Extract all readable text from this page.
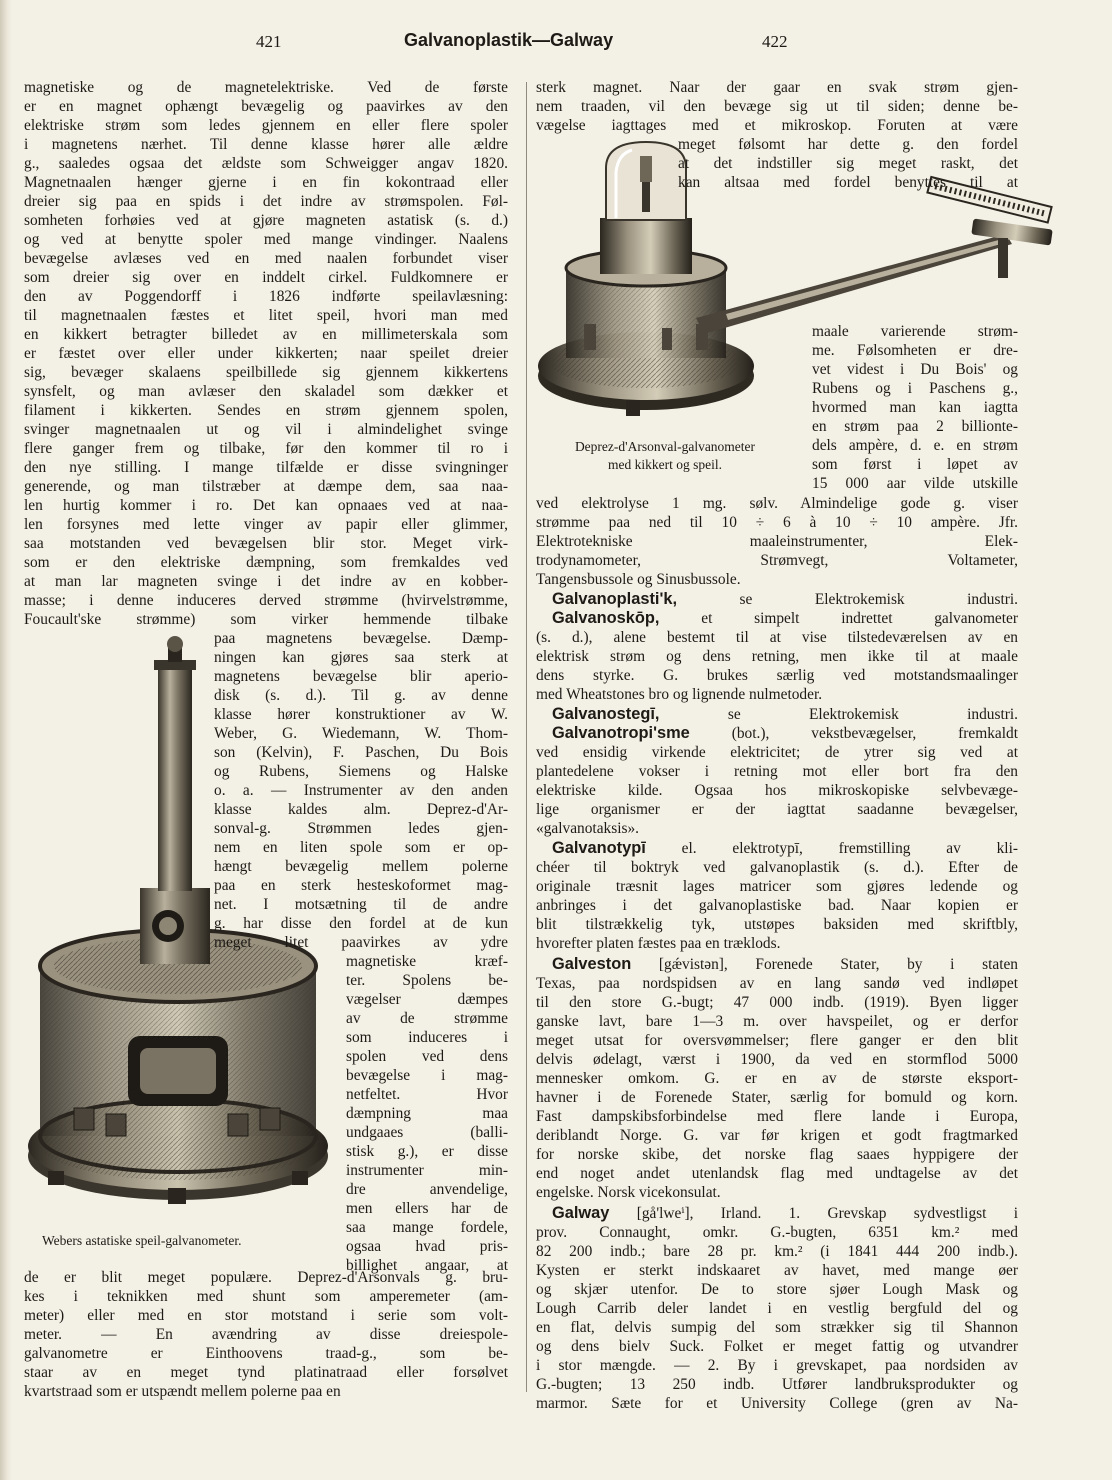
421	Galvanoplastik—Galway	422
Webers astatiske speil-galvanometer.
Deprez-d'Arsonval-galvanometer
med kikkert og speil.
magnetiske og de magnetelektriske. Ved de første
er en magnet ophængt bevægelig og paavirkes av den
elektriske strøm som ledes gjennem en eller flere spoler
i magnetens nærhet. Til denne klasse hører alle ældre
g., saaledes ogsaa det ældste som Schweigger angav 1820.
Magnetnaalen hænger gjerne i en fin kokontraad eller
dreier sig paa en spids i det indre av strømspolen. Føl-
somheten forhøies ved at gjøre magneten astatisk (s. d.)
og ved at benytte spoler med mange vindinger. Naalens
bevægelse avlæses ved en med naalen forbundet viser
som dreier sig over en inddelt cirkel. Fuldkomnere er
den av Poggendorff i 1826 indførte speilavlæsning:
til magnetnaalen fæstes et litet speil, hvori man med
en kikkert betragter billedet av en millimeterskala som
er fæstet over eller under kikkerten; naar speilet dreier
sig, bevæger skalaens speilbillede sig gjennem kikkertens
synsfelt, og man avlæser den skaladel som dækker et
filament i kikkerten. Sendes en strøm gjennem spolen,
svinger magnetnaalen ut og vil i almindelighet svinge
flere ganger frem og tilbake, før den kommer til ro i
den nye stilling. I mange tilfælde er disse svingninger
generende, og man tilstræber at dæmpe dem, saa naa-
len hurtig kommer i ro. Det kan opnaaes ved at naa-
len forsynes med lette vinger av papir eller glimmer,
saa motstanden ved bevægelsen blir stor. Meget virk-
som er den elektriske dæmpning, som fremkaldes ved
at man lar magneten svinge i det indre av en kobber-
masse; i denne induceres derved strømme (hvirvelstrømme,
Foucault'ske strømme) som virker hemmende tilbake
paa magnetens bevægelse. Dæmp-
ningen kan gjøres saa sterk at
magnetens bevægelse blir aperio-
disk (s. d.). Til g. av denne
klasse hører konstruktioner av W.
Weber, G. Wiedemann, W. Thom-
son (Kelvin), F. Paschen, Du Bois
og Rubens, Siemens og Halske
o. a. — Instrumenter av den anden
klasse kaldes alm. Deprez-d'Ar-
sonval-g. Strømmen ledes gjen-
nem en liten spole som er op-
hængt bevægelig mellem polerne
paa en sterk hesteskoformet mag-
net. I motsætning til de andre
g. har disse den fordel at de kun
meget litet paavirkes av ydre
magnetiske kræf-
ter. Spolens be-
vægelser dæmpes
av de strømme
som induceres i
spolen ved dens
bevægelse i mag-
netfeltet. Hvor
dæmpning maa
undgaaes (balli-
stisk g.), er disse
instrumenter min-
dre anvendelige,
men ellers har de
saa mange fordele,
ogsaa hvad pris-
billighet angaar, at
de er blit meget populære. Deprez-d'Arsonvals g. bru-
kes i teknikken med shunt som amperemeter (am-
meter) eller med en stor motstand i serie som volt-
meter. — En avændring av disse dreiespole-
galvanometre er Einthoovens traad-g., som be-
staar av en meget tynd platinatraad eller forsølvet
kvartstraad som er utspændt mellem polerne paa en
sterk magnet. Naar der gaar en svak strøm gjen-
nem traaden, vil den bevæge sig ut til siden; denne be-
vægelse iagttages med et mikroskop. Foruten at være
meget følsomt har dette g. den fordel
at det indstiller sig meget raskt, det
kan altsaa med fordel benyttes til at
maale varierende strøm-
me. Følsomheten er dre-
vet videst i Du Bois' og
Rubens og i Paschens g.,
hvormed man kan iagtta
en strøm paa 2 billionte-
dels ampère, d. e. en strøm
som først i løpet av
15 000 aar vilde utskille
ved elektrolyse 1 mg. sølv. Almindelige gode g. viser
strømme paa ned til 10 ÷ 6 à 10 ÷ 10 ampère. Jfr.
Elektrotekniske maaleinstrumenter, Elek-
trodynamometer, Strømvegt, Voltameter,
Tangensbussole og Sinusbussole.
Galvanoplasti'k, se Elektrokemisk industri.
Galvanoskōp, et simpelt indrettet galvanometer
(s. d.), alene bestemt til at vise tilstedeværelsen av en
elektrisk strøm og dens retning, men ikke til at maale
dens styrke. G. brukes særlig ved motstandsmaalinger
med Wheatstones bro og lignende nulmetoder.
Galvanostegī, se Elektrokemisk industri.
Galvanotropi'sme (bot.), vekstbevægelser, fremkaldt
ved ensidig virkende elektricitet; de ytrer sig ved at
plantedelene vokser i retning mot eller bort fra den
elektriske kilde. Ogsaa hos mikroskopiske selvbevæge-
lige organismer er der iagttat saadanne bevægelser,
«galvanotaksis».
Galvanotypī el. elektrotypī, fremstilling av kli-
chéer til boktryk ved galvanoplastik (s. d.). Efter de
originale træsnit lages matricer som gjøres ledende og
anbringes i det galvanoplastiske bad. Naar kopien er
blit tilstrækkelig tyk, utstøpes baksiden med skriftbly,
hvorefter platen fæstes paa en træklods.
Galveston [gǽvistən], Forenede Stater, by i staten
Texas, paa nordspidsen av en lang sandø ved indløpet
til den store G.-bugt; 47 000 indb. (1919). Byen ligger
ganske lavt, bare 1—3 m. over havspeilet, og er derfor
meget utsat for oversvømmelser; flere ganger er den blit
delvis ødelagt, værst i 1900, da ved en stormflod 5000
mennesker omkom. G. er en av de største eksport-
havner i de Forenede Stater, særlig for bomuld og korn.
Fast dampskibsforbindelse med flere lande i Europa,
deriblandt Norge. G. var før krigen et godt fragtmarked
for norske skibe, det norske flag saaes hyppigere der
end noget andet utenlandsk flag med undtagelse av det
engelske. Norsk vicekonsulat.
Galway [gå'lweⁱ], Irland. 1. Grevskap sydvestligst i
prov. Connaught, omkr. G.-bugten, 6351 km.² med
82 200 indb.; bare 28 pr. km.² (i 1841 444 200 indb.).
Kysten er sterkt indskaaret av havet, med mange øer
og skjær utenfor. De to store sjøer Lough Mask og
Lough Carrib deler landet i en vestlig bergfuld del og
en flat, delvis sumpig del som strækker sig til Shannon
og dens bielv Suck. Folket er meget fattig og utvandrer
i stor mængde. — 2. By i grevskapet, paa nordsiden av
G.-bugten; 13 250 indb. Utfører landbruksprodukter og
marmor. Sæte for et University College (gren av Na-
